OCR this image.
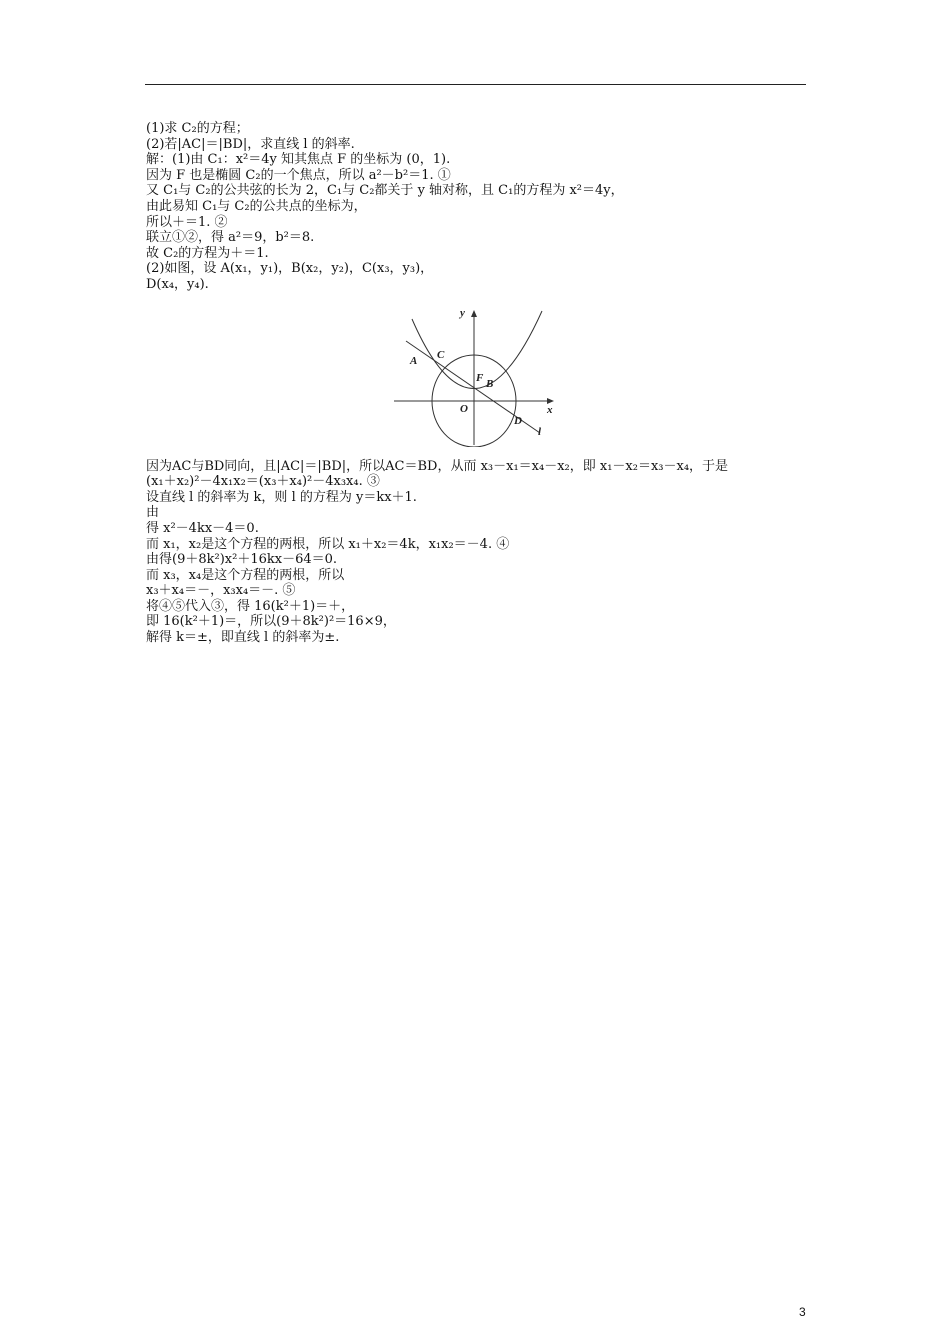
(1)求 C₂的方程；
(2)若|AC|＝|BD|，求直线 l 的斜率.
解：(1)由 C₁：x²＝4y 知其焦点 F 的坐标为 (0，1).
因为 F 也是椭圆 C₂的一个焦点，所以 a²－b²＝1. ①
又 C₁与 C₂的公共弦的长为 2，C₁与 C₂都关于 y 轴对称，且 C₁的方程为 x²＝4y，
由此易知 C₁与 C₂的公共点的坐标为，
所以＋＝1. ②
联立①②，得 a²＝9，b²＝8.
故 C₂的方程为＋＝1.
(2)如图，设 A(x₁，y₁)，B(x₂，y₂)，C(x₃，y₃)，
D(x₄，y₄).
因为AC与BD同向，且|AC|＝|BD|，所以AC＝BD，从而 x₃－x₁＝x₄－x₂，即 x₁－x₂＝x₃－x₄，于是
(x₁＋x₂)²－4x₁x₂＝(x₃＋x₄)²－4x₃x₄. ③
设直线 l 的斜率为 k，则 l 的方程为 y＝kx＋1.
由
得 x²－4kx－4＝0.
而 x₁，x₂是这个方程的两根，所以 x₁＋x₂＝4k，x₁x₂＝－4. ④
由得(9＋8k²)x²＋16kx－64＝0.
而 x₃，x₄是这个方程的两根，所以
x₃＋x₄＝－，x₃x₄＝－. ⑤
将④⑤代入③，得 16(k²＋1)＝＋，
即 16(k²＋1)＝，所以(9＋8k²)²＝16×9，
解得 k＝±，即直线 l 的斜率为±.
y
x
O
A C
F B
D
l
3
